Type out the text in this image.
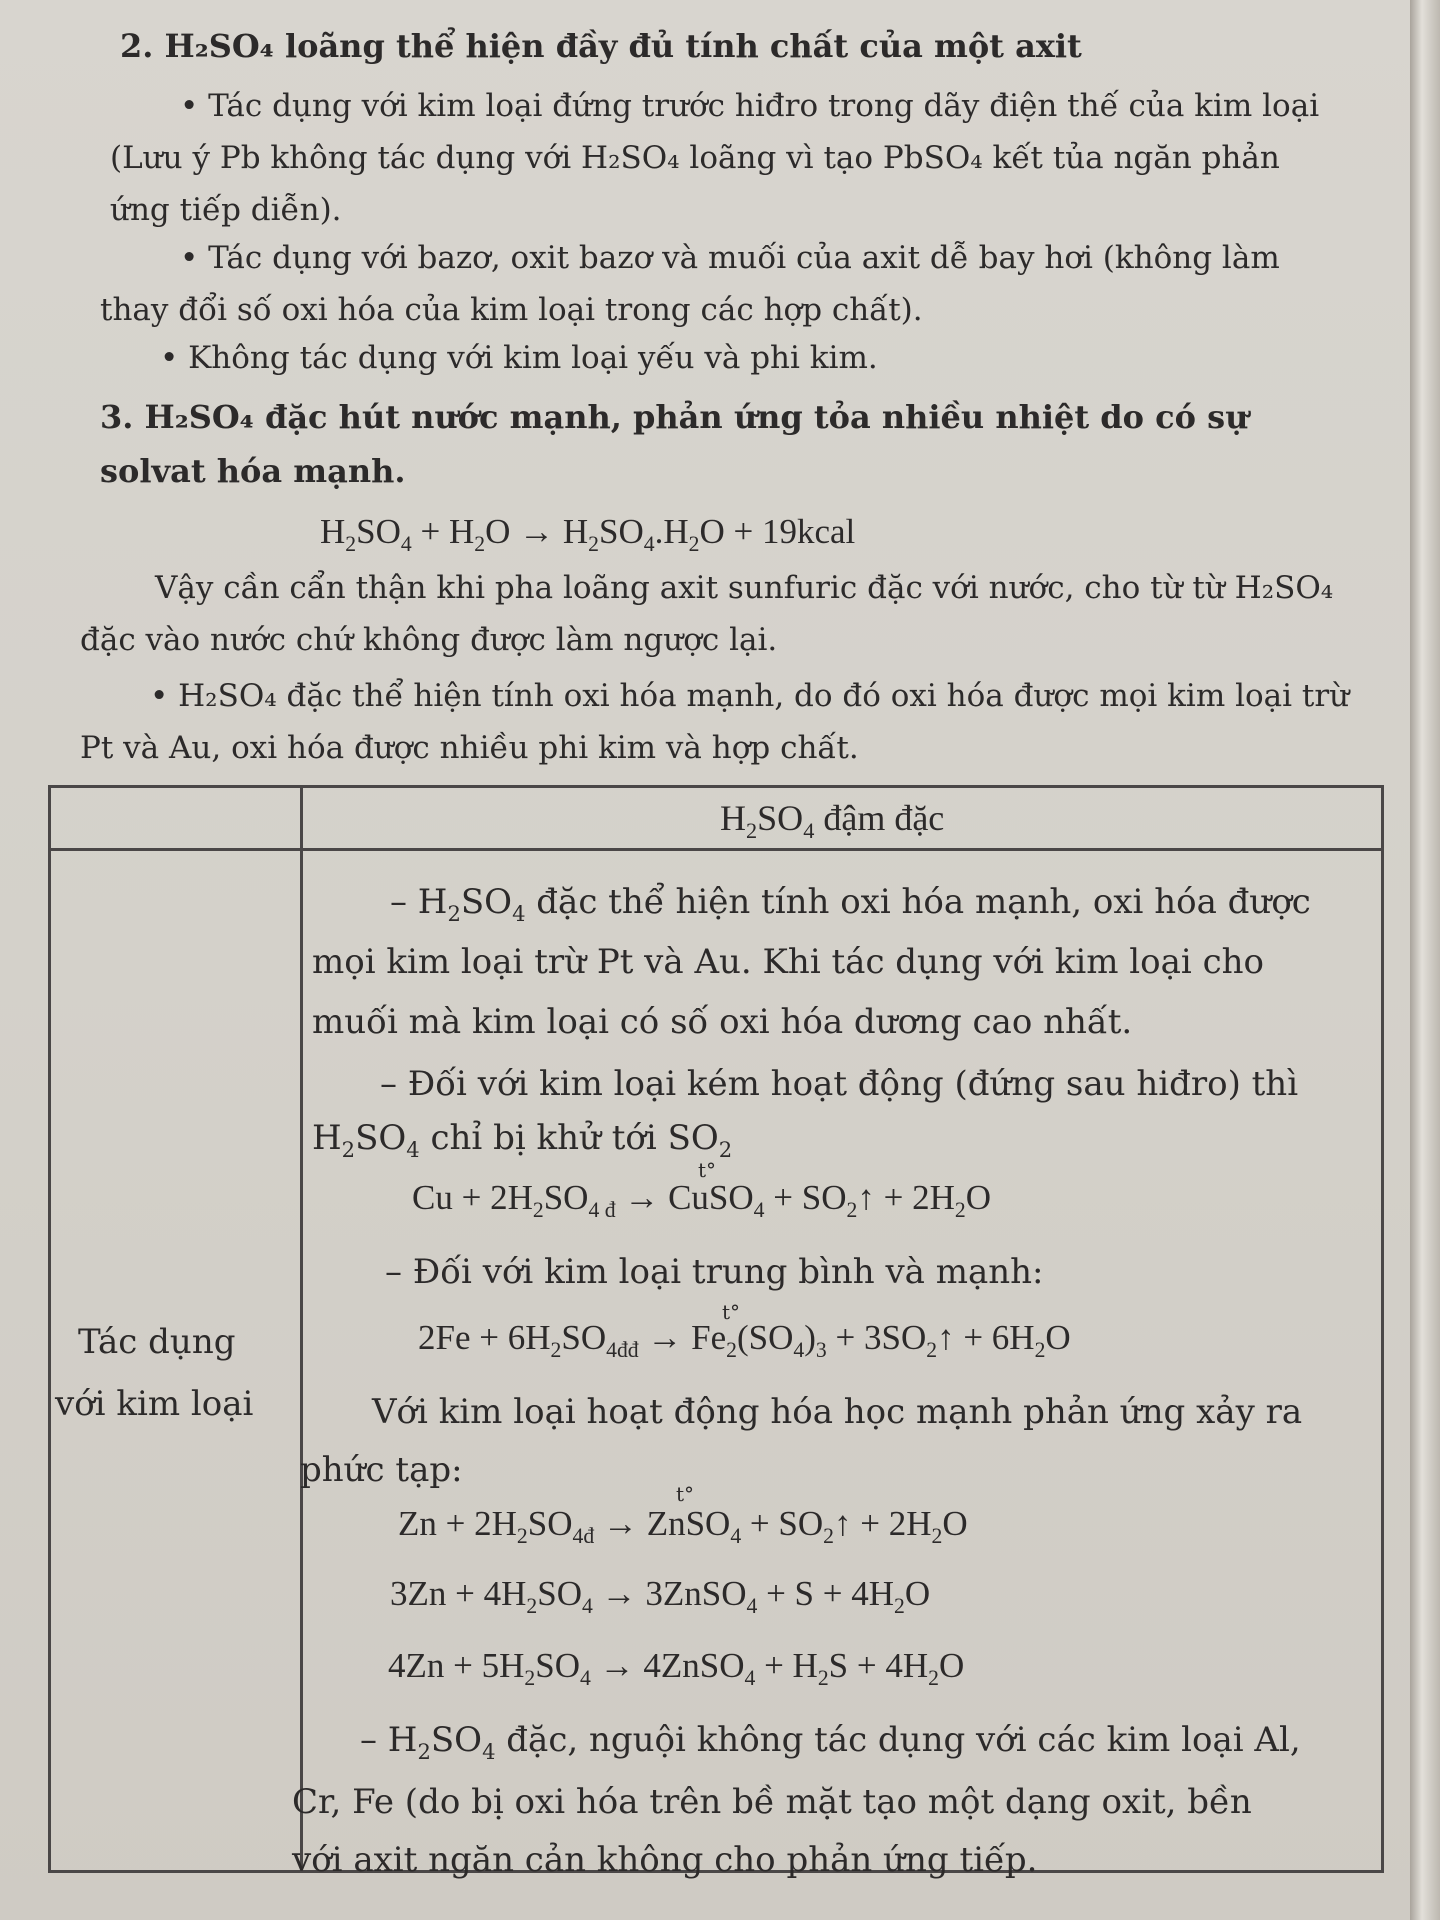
2. H₂SO₄ loãng thể hiện đầy đủ tính chất của một axit
• Tác dụng với kim loại đứng trước hiđro trong dãy điện thế của kim loại (Lưu ý Pb không tác dụng với H₂SO₄ loãng vì tạo PbSO₄ kết tủa ngăn phản ứng tiếp diễn).
• Tác dụng với bazơ, oxit bazơ và muối của axit dễ bay hơi (không làm thay đổi số oxi hóa của kim loại trong các hợp chất).
• Không tác dụng với kim loại yếu và phi kim.
3. H₂SO₄ đặc hút nước mạnh, phản ứng tỏa nhiều nhiệt do có sự solvat hóa mạnh.
$H_2SO_4 + H_2O \to H_2SO_4.H_2O$ + 19kcal
Vậy cần cẩn thận khi pha loãng axit sunfuric đặc với nước, cho từ từ H₂SO₄ đặc vào nước chứ không được làm ngược lại.
• H₂SO₄ đặc thể hiện tính oxi hóa mạnh, do đó oxi hóa được mọi kim loại trừ Pt và Au, oxi hóa được nhiều phi kim và hợp chất.
$H_2SO_4$ đậm đặc
Tác dụng
với kim loại
– $H_2SO_4$ đặc thể hiện tính oxi hóa mạnh, oxi hóa được
mọi kim loại trừ Pt và Au. Khi tác dụng với kim loại cho
muối mà kim loại có số oxi hóa dương cao nhất.
– Đối với kim loại kém hoạt động (đứng sau hiđro) thì
$H_2SO_4$ chỉ bị khử tới $SO_2$
t°
$Cu + 2H_2SO_{4 đ}$ → CuSO$_4$ + $SO_2↑ + 2H_2O$
– Đối với kim loại trung bình và mạnh:
t°
$2Fe + 6H_2SO_{4đđ} \to Fe_2(SO_4)_3$ + $3SO_2↑ + 6H_2O$
Với kim loại hoạt động hóa học mạnh phản ứng xảy ra
phức tạp:
t°
$Zn + 2H_2SO_{4đ}$ → ZnSO$_4$ + $SO_2↑ + 2H_2O$
$3Zn + 4H_2SO_4$ → 3ZnSO$_4$ + $S + 4H_2O$
$4Zn + 5H_2SO_4$ → 4ZnSO$_4$ + $H_2S + 4H_2O$
– $H_2SO_4$ đặc, nguội không tác dụng với các kim loại Al,
Cr, Fe (do bị oxi hóa trên bề mặt tạo một dạng oxit, bền
với axit ngăn cản không cho phản ứng tiếp.
